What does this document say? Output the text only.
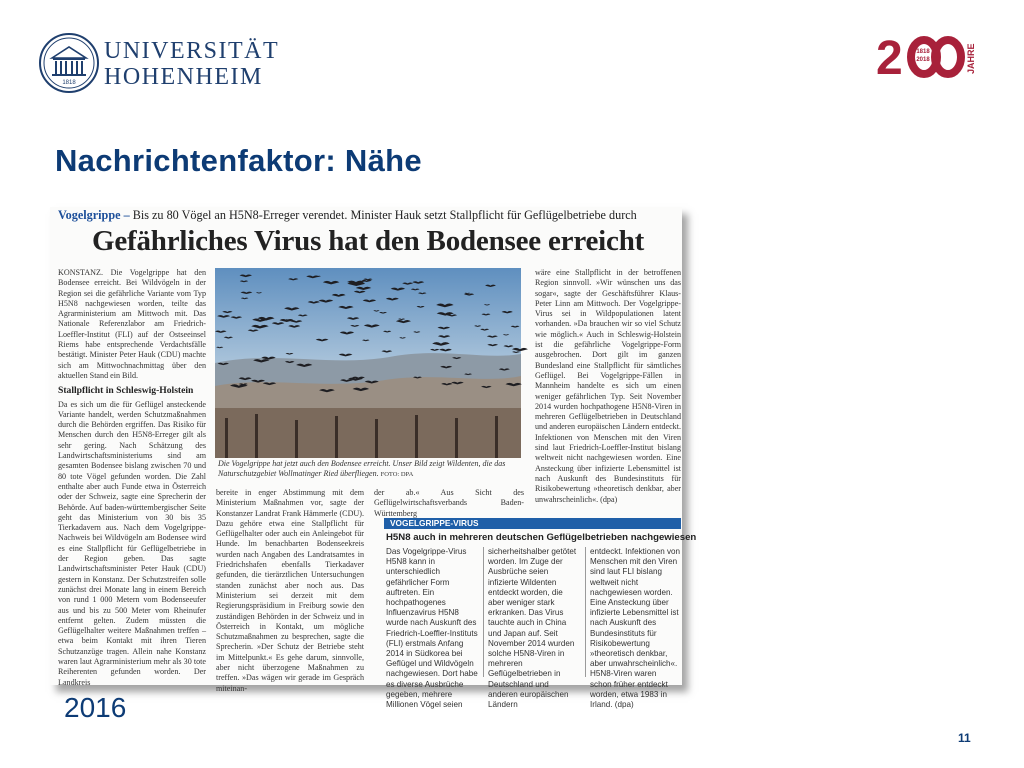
1818
UNIVERSITÄT
HOHENHEIM	2	1818
2018	JAHRE
Nachrichtenfaktor: Nähe
Vogelgrippe – Bis zu 80 Vögel an H5N8-Erreger verendet. Minister Hauk setzt Stallpflicht für Geflügelbetriebe durch
Gefährliches Virus hat den Bodensee erreicht

KONSTANZ. Die Vogelgrippe hat den Bodensee erreicht. Bei Wildvögeln in der Region sei die gefährliche Variante vom Typ H5N8 nachgewiesen worden, teilte das Agrarministerium am Mittwoch mit. Das Nationale Referenzlabor am Friedrich-Loeffler-Institut (FLI) auf der Ostseeinsel Riems habe entsprechende Verdachtsfälle bestätigt. Minister Peter Hauk (CDU) machte sich am Mittwochnachmittag über den aktuellen Stand ein Bild.

Stallpflicht in Schleswig-Holstein

Da es sich um die für Geflügel ansteckende Variante handelt, werden Schutzmaßnahmen durch die Behörden ergriffen. Das Risiko für Menschen durch den H5N8-Erreger gilt als sehr gering. Nach Schätzung des Landwirtschaftsministeriums sind am gesamten Bodensee bislang zwischen 70 und 80 tote Vögel gefunden worden. Die Zahl enthalte aber auch Funde etwa in Österreich oder der Schweiz, sagte eine Sprecherin der Behörde. Auf baden-württembergischer Seite geht das Ministerium von 30 bis 35 Tierkadavern aus. Nach dem Vogelgrippe-Nachweis bei Wildvögeln am Bodensee wird es eine Stallpflicht für Geflügelbetriebe in der Region geben. Das sagte Landwirtschaftsminister Peter Hauk (CDU) gestern in Konstanz. Der Schutzstreifen solle zunächst drei Monate lang in einem Bereich von rund 1 000 Metern vom Bodenseeufer aus und bis zu 500 Meter vom Rheinufer entfernt gelten. Zudem müssten die Geflügelhalter weitere Maßnahmen treffen – etwa beim Kontakt mit ihren Tieren Schutzanzüge tragen. Allein nahe Konstanz waren laut Agrarministerium mehr als 30 tote Reiherenten gefunden worden. Der Landkreis

Die Vogelgrippe hat jetzt auch den Bodensee erreicht. Unser Bild zeigt Wildenten, die das Naturschutzgebiet Wollmatinger Ried überfliegen. FOTO: DPA

bereite in enger Abstimmung mit dem Ministerium Maßnahmen vor, sagte der Konstanzer Landrat Frank Hämmerle (CDU). Dazu gehöre etwa eine Stallpflicht für Geflügelhalter oder auch ein Anleingebot für Hunde. Im benachbarten Bodenseekreis wurden nach Angaben des Landratsamtes in Friedrichshafen ebenfalls Tierkadaver gefunden, die tierärztlichen Untersuchungen standen zunächst aber noch aus. Das Ministerium sei derzeit mit dem Regierungspräsidium in Freiburg sowie den zuständigen Behörden in der Schweiz und in Österreich in Kontakt, um mögliche Schutzmaßnahmen zu besprechen, sagte die Sprecherin. »Der Schutz der Betriebe steht im Mittelpunkt.« Es gehe darum, sinnvolle, aber nicht überzogene Maßnahmen zu treffen. »Das wägen wir gerade im Gespräch miteinan-

der ab.« Aus Sicht des Geflügelwirtschaftsverbands Baden-Württemberg

wäre eine Stallpflicht in der betroffenen Region sinnvoll. »Wir wünschen uns das sogar«, sagte der Geschäftsführer Klaus-Peter Linn am Mittwoch. Der Vogelgrippe-Virus sei in Wildpopulationen latent vorhanden. »Da brauchen wir so viel Schutz wie möglich.« Auch in Schleswig-Holstein ist die gefährliche Vogelgrippe-Form ausgebrochen. Dort gilt im ganzen Bundesland eine Stallpflicht für sämtliches Geflügel. Bei Vogelgrippe-Fällen in Mannheim handelte es sich um einen weniger gefährlichen Typ. Seit November 2014 wurden hochpathogene H5N8-Viren in mehreren Geflügelbetrieben in Deutschland und anderen europäischen Ländern entdeckt. Infektionen von Menschen mit den Viren sind laut Friedrich-Loeffler-Institut bislang weltweit nicht nachgewiesen worden. Eine Ansteckung über infizierte Lebensmittel ist nach Auskunft des Bundesinstituts für Risikobewertung »theoretisch denkbar, aber unwahrscheinlich«. (dpa)

VOGELGRIPPE-VIRUS
H5N8 auch in mehreren deutschen Geflügelbetrieben nachgewiesen
Das Vogelgrippe-Virus H5N8 kann in unterschiedlich gefährlicher Form auftreten. Ein hochpathogenes Influenzavirus H5N8 wurde nach Auskunft des Friedrich-Loeffler-Instituts (FLI) erstmals Anfang 2014 in Südkorea bei Geflügel und Wildvögeln nachgewiesen. Dort habe es diverse Ausbrüche gegeben, mehrere Millionen Vögel seien
sicherheitshalber getötet worden. Im Zuge der Ausbrüche seien infizierte Wildenten entdeckt worden, die aber weniger stark erkranken. Das Virus tauchte auch in China und Japan auf. Seit November 2014 wurden solche H5N8-Viren in mehreren Geflügelbetrieben in Deutschland und anderen europäischen Ländern
entdeckt. Infektionen von Menschen mit den Viren sind laut FLI bislang weltweit nicht nachgewiesen worden. Eine Ansteckung über infizierte Lebensmittel ist nach Auskunft des Bundesinstituts für Risikobewertung »theoretisch denkbar, aber unwahrscheinlich«. H5N8-Viren waren schon früher entdeckt worden, etwa 1983 in Irland. (dpa)
2016
11
